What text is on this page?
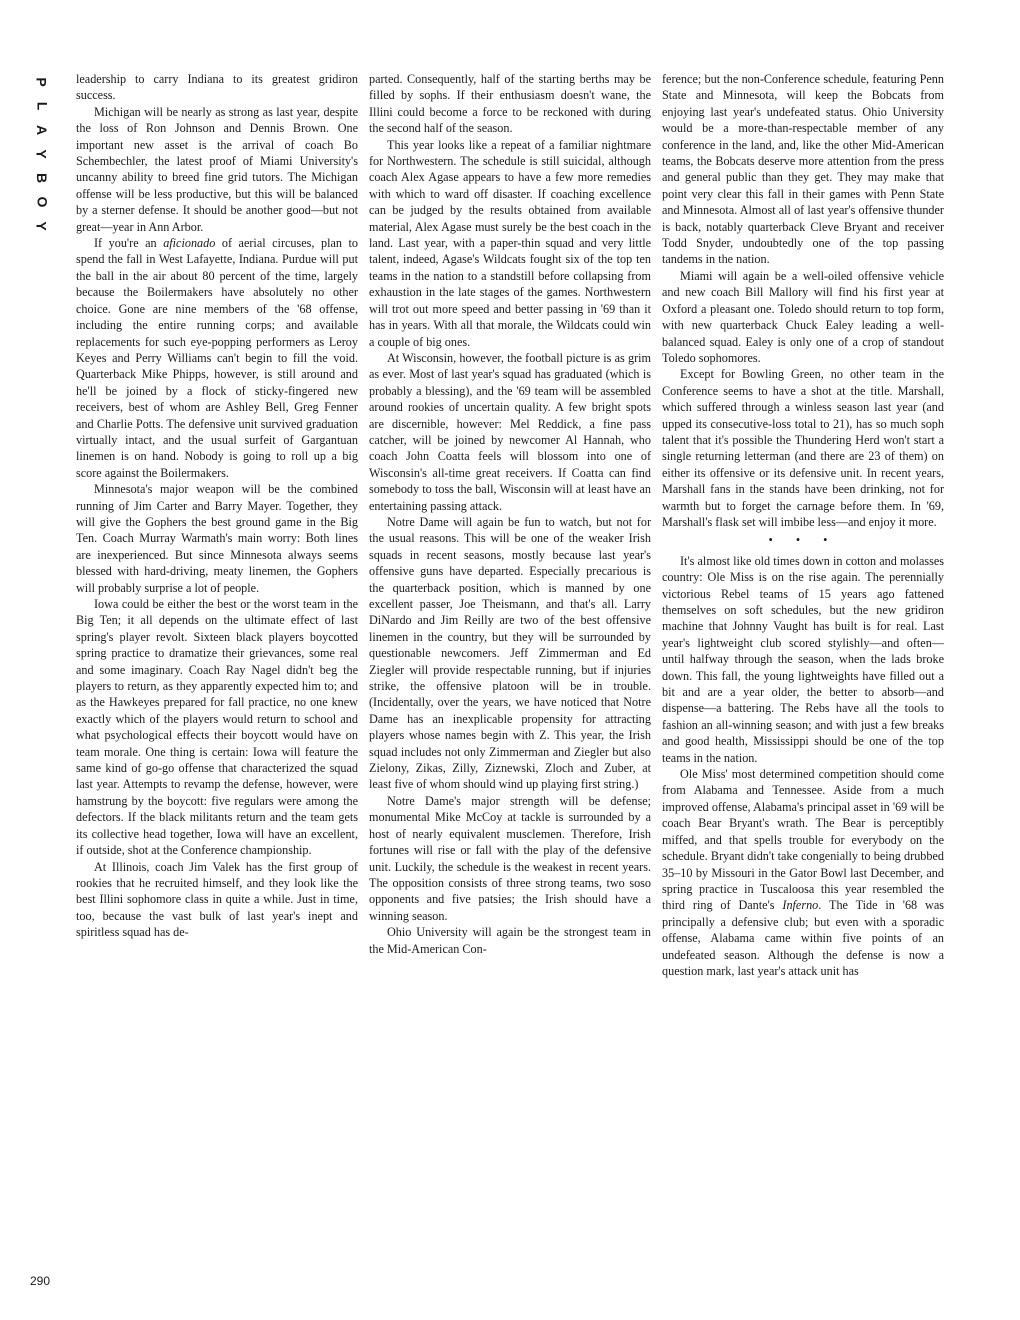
P
L
A
Y
B
O
Y
290

leadership to carry Indiana to its greatest gridiron success.

Michigan will be nearly as strong as last year, despite the loss of Ron Johnson and Dennis Brown. One important new asset is the arrival of coach Bo Schembechler, the latest proof of Miami University's uncanny ability to breed fine grid tutors. The Michigan offense will be less productive, but this will be balanced by a sterner defense. It should be another good—but not great—year in Ann Arbor.

If you're an aficionado of aerial circuses, plan to spend the fall in West Lafayette, Indiana. Purdue will put the ball in the air about 80 percent of the time, largely because the Boilermakers have absolutely no other choice. Gone are nine members of the '68 offense, including the entire running corps; and available replacements for such eye-popping performers as Leroy Keyes and Perry Williams can't begin to fill the void. Quarterback Mike Phipps, however, is still around and he'll be joined by a flock of sticky-fingered new receivers, best of whom are Ashley Bell, Greg Fenner and Charlie Potts. The defensive unit survived graduation virtually intact, and the usual surfeit of Gargantuan linemen is on hand. Nobody is going to roll up a big score against the Boilermakers.

Minnesota's major weapon will be the combined running of Jim Carter and Barry Mayer. Together, they will give the Gophers the best ground game in the Big Ten. Coach Murray Warmath's main worry: Both lines are inexperienced. But since Minnesota always seems blessed with hard-driving, meaty linemen, the Gophers will probably surprise a lot of people.

Iowa could be either the best or the worst team in the Big Ten; it all depends on the ultimate effect of last spring's player revolt. Sixteen black players boycotted spring practice to dramatize their grievances, some real and some imaginary. Coach Ray Nagel didn't beg the players to return, as they apparently expected him to; and as the Hawkeyes prepared for fall practice, no one knew exactly which of the players would return to school and what psychological effects their boycott would have on team morale. One thing is certain: Iowa will feature the same kind of go-go offense that characterized the squad last year. Attempts to revamp the defense, however, were hamstrung by the boycott: five regulars were among the defectors. If the black militants return and the team gets its collective head together, Iowa will have an excellent, if outside, shot at the Conference championship.

At Illinois, coach Jim Valek has the first group of rookies that he recruited himself, and they look like the best Illini sophomore class in quite a while. Just in time, too, because the vast bulk of last year's inept and spiritless squad has de-

parted. Consequently, half of the starting berths may be filled by sophs. If their enthusiasm doesn't wane, the Illini could become a force to be reckoned with during the second half of the season.

This year looks like a repeat of a familiar nightmare for Northwestern. The schedule is still suicidal, although coach Alex Agase appears to have a few more remedies with which to ward off disaster. If coaching excellence can be judged by the results obtained from available material, Alex Agase must surely be the best coach in the land. Last year, with a paper-thin squad and very little talent, indeed, Agase's Wildcats fought six of the top ten teams in the nation to a standstill before collapsing from exhaustion in the late stages of the games. Northwestern will trot out more speed and better passing in '69 than it has in years. With all that morale, the Wildcats could win a couple of big ones.

At Wisconsin, however, the football picture is as grim as ever. Most of last year's squad has graduated (which is probably a blessing), and the '69 team will be assembled around rookies of uncertain quality. A few bright spots are discernible, however: Mel Reddick, a fine pass catcher, will be joined by newcomer Al Hannah, who coach John Coatta feels will blossom into one of Wisconsin's all-time great receivers. If Coatta can find somebody to toss the ball, Wisconsin will at least have an entertaining passing attack.

Notre Dame will again be fun to watch, but not for the usual reasons. This will be one of the weaker Irish squads in recent seasons, mostly because last year's offensive guns have departed. Especially precarious is the quarterback position, which is manned by one excellent passer, Joe Theismann, and that's all. Larry DiNardo and Jim Reilly are two of the best offensive linemen in the country, but they will be surrounded by questionable newcomers. Jeff Zimmerman and Ed Ziegler will provide respectable running, but if injuries strike, the offensive platoon will be in trouble. (Incidentally, over the years, we have noticed that Notre Dame has an inexplicable propensity for attracting players whose names begin with Z. This year, the Irish squad includes not only Zimmerman and Ziegler but also Zielony, Zikas, Zilly, Ziznewski, Zloch and Zuber, at least five of whom should wind up playing first string.)

Notre Dame's major strength will be defense; monumental Mike McCoy at tackle is surrounded by a host of nearly equivalent musclemen. Therefore, Irish fortunes will rise or fall with the play of the defensive unit. Luckily, the schedule is the weakest in recent years. The opposition consists of three strong teams, two soso opponents and five patsies; the Irish should have a winning season.

Ohio University will again be the strongest team in the Mid-American Con-

ference; but the non-Conference schedule, featuring Penn State and Minnesota, will keep the Bobcats from enjoying last year's undefeated status. Ohio University would be a more-than-respectable member of any conference in the land, and, like the other Mid-American teams, the Bobcats deserve more attention from the press and general public than they get. They may make that point very clear this fall in their games with Penn State and Minnesota. Almost all of last year's offensive thunder is back, notably quarterback Cleve Bryant and receiver Todd Snyder, undoubtedly one of the top passing tandems in the nation.

Miami will again be a well-oiled offensive vehicle and new coach Bill Mallory will find his first year at Oxford a pleasant one. Toledo should return to top form, with new quarterback Chuck Ealey leading a well-balanced squad. Ealey is only one of a crop of standout Toledo sophomores.

Except for Bowling Green, no other team in the Conference seems to have a shot at the title. Marshall, which suffered through a winless season last year (and upped its consecutive-loss total to 21), has so much soph talent that it's possible the Thundering Herd won't start a single returning letterman (and there are 23 of them) on either its offensive or its defensive unit. In recent years, Marshall fans in the stands have been drinking, not for warmth but to forget the carnage before them. In '69, Marshall's flask set will imbibe less—and enjoy it more.

• • •

It's almost like old times down in cotton and molasses country: Ole Miss is on the rise again. The perennially victorious Rebel teams of 15 years ago fattened themselves on soft schedules, but the new gridiron machine that Johnny Vaught has built is for real. Last year's lightweight club scored stylishly—and often—until halfway through the season, when the lads broke down. This fall, the young lightweights have filled out a bit and are a year older, the better to absorb—and dispense—a battering. The Rebs have all the tools to fashion an all-winning season; and with just a few breaks and good health, Mississippi should be one of the top teams in the nation.

Ole Miss' most determined competition should come from Alabama and Tennessee. Aside from a much improved offense, Alabama's principal asset in '69 will be coach Bear Bryant's wrath. The Bear is perceptibly miffed, and that spells trouble for everybody on the schedule. Bryant didn't take congenially to being drubbed 35–10 by Missouri in the Gator Bowl last December, and spring practice in Tuscaloosa this year resembled the third ring of Dante's Inferno. The Tide in '68 was principally a defensive club; but even with a sporadic offense, Alabama came within five points of an undefeated season. Although the defense is now a question mark, last year's attack unit has
